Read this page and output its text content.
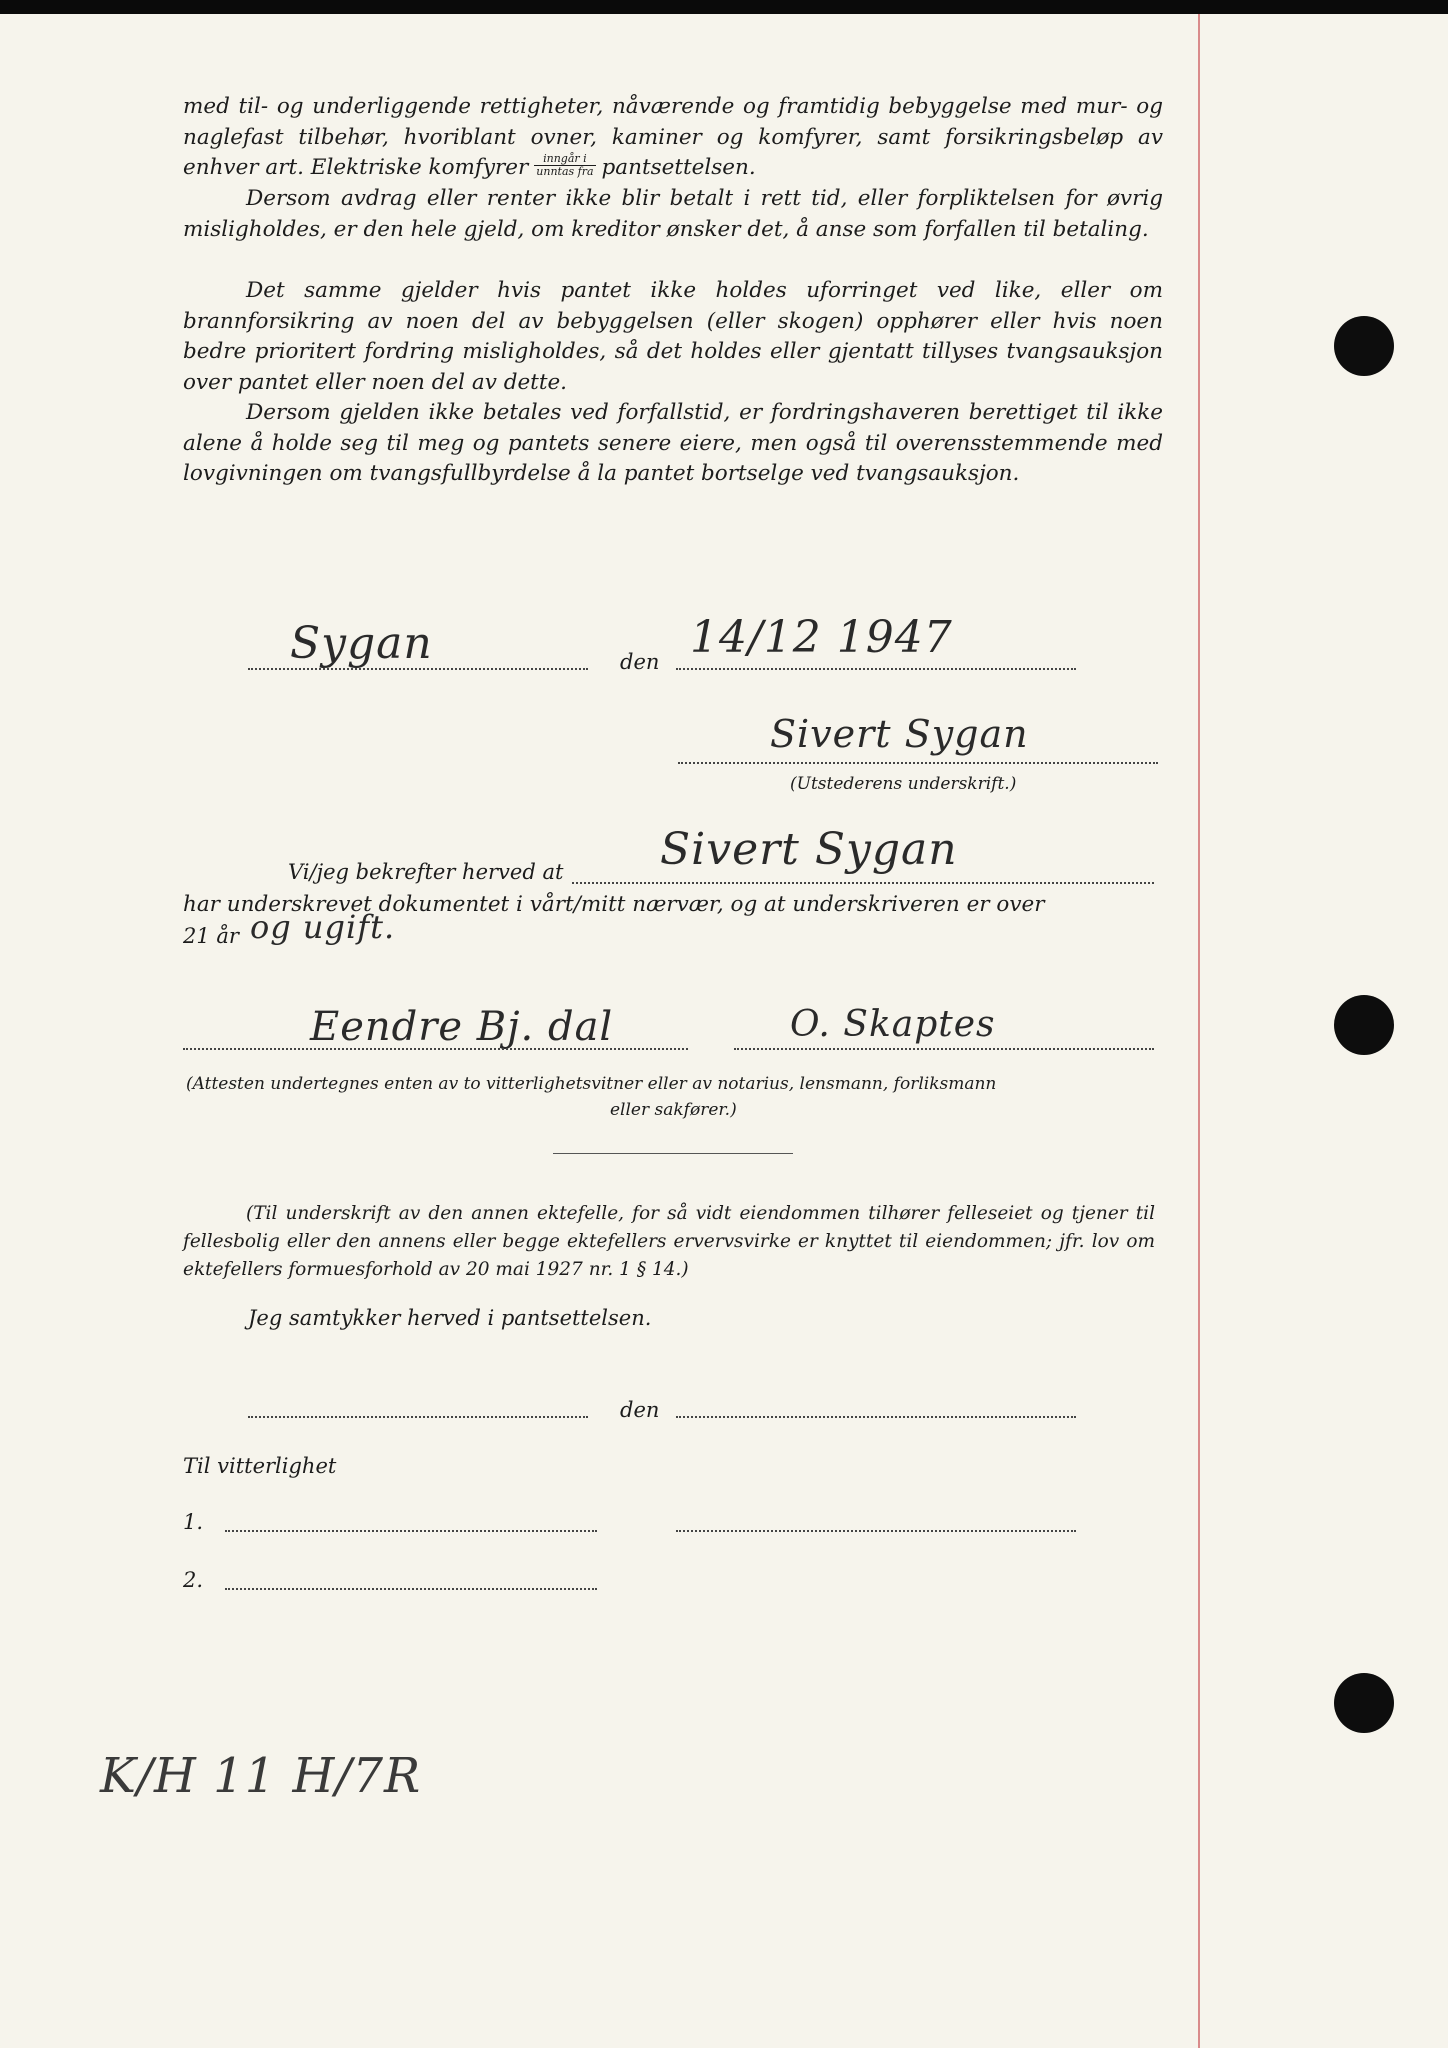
med til- og underliggende rettigheter, nåværende og framtidig bebyggelse med mur- og naglefast tilbehør, hvoriblant ovner, kaminer og komfyrer, samt forsikringsbeløp av enhver art. Elektriske komfyrer $\frac{\text{inngår i}}{\text{unntas fra}}$ pantsettelsen.

Dersom avdrag eller renter ikke blir betalt i rett tid, eller forpliktelsen for øvrig misligholdes, er den hele gjeld, om kreditor ønsker det, å anse som forfallen til betaling.

Det samme gjelder hvis pantet ikke holdes uforringet ved like, eller om brannforsikring av noen del av bebyggelsen (eller skogen) opphører eller hvis noen bedre prioritert fordring misligholdes, så det holdes eller gjentatt tillyses tvangsauksjon over pantet eller noen del av dette.

Dersom gjelden ikke betales ved forfallstid, er fordringshaveren berettiget til ikke alene å holde seg til meg og pantets senere eiere, men også til overensstemmende med lovgivningen om tvangsfullbyrdelse å la pantet bortselge ved tvangsauksjon.

Sygan	den 14/12 1947
Sivert Sygan
(Utstederens underskrift.)
Vi/jeg bekrefter herved at Sivert Sygan
har underskrevet dokumentet i vårt/mitt nærvær, og at underskriveren er over
21 år og ugift.
Eendre Bj. dal	O. Skaptes
(Attesten undertegnes enten av to vitterlighetsvitner eller av notarius, lensmann, forliksmann
eller sakfører.)
(Til underskrift av den annen ektefelle, for så vidt eiendommen tilhører felleseiet og tjener til fellesbolig eller den annens eller begge ektefellers ervervsvirke er knyttet til eiendommen; jfr. lov om ektefellers formuesforhold av 20 mai 1927 nr. 1 § 14.)
Jeg samtykker herved i pantsettelsen.
den
Til vitterlighet
1.
2.
K/H 11 H/7R
